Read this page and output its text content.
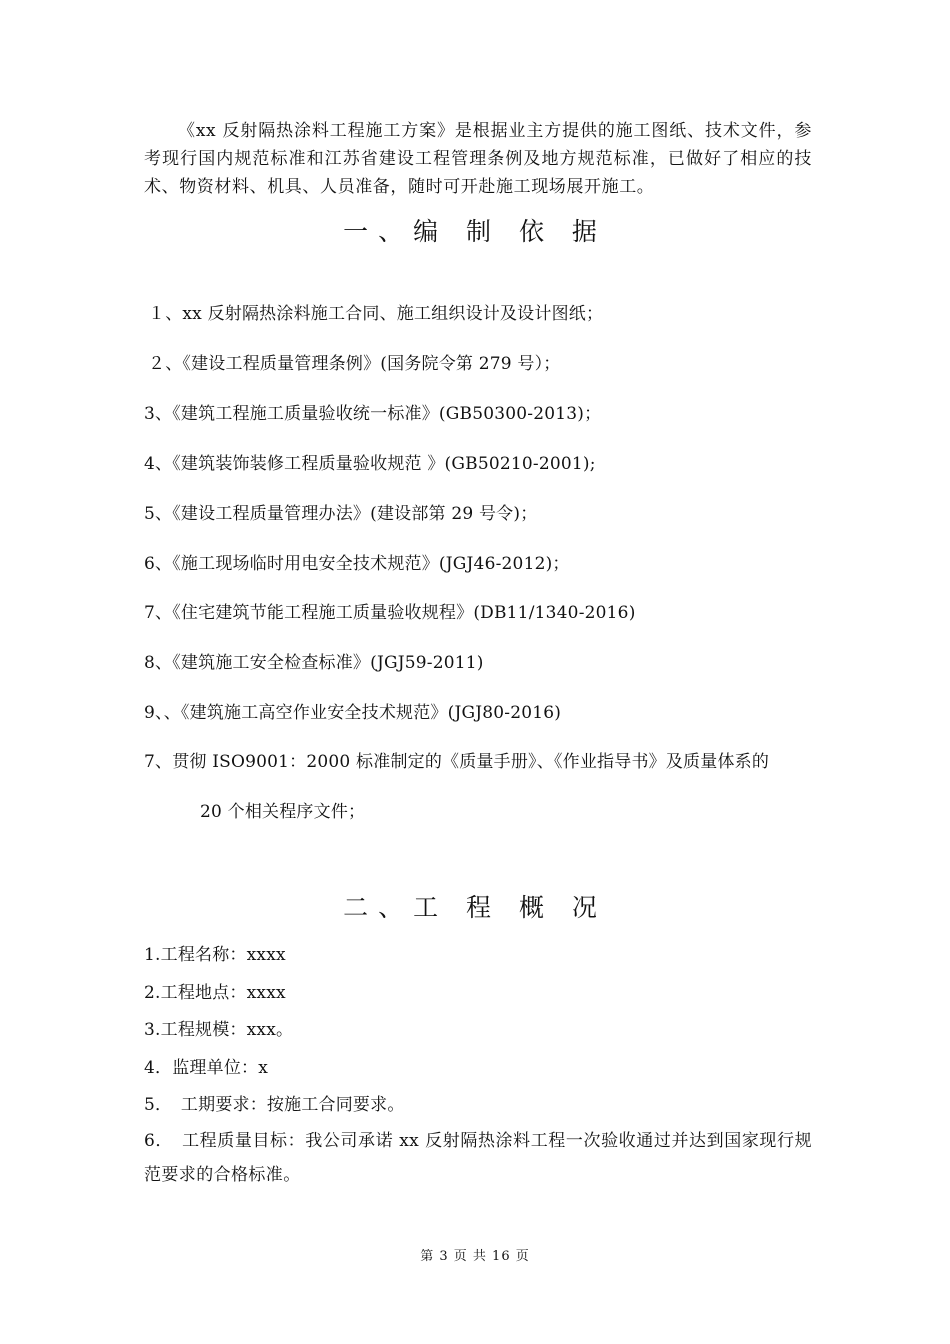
《xx 反射隔热涂料工程施工方案》是根据业主方提供的施工图纸、技术文件，参考现行国内规范标准和江苏省建设工程管理条例及地方规范标准，已做好了相应的技术、物资材料、机具、人员准备，随时可开赴施工现场展开施工。

一、编 制 依 据
１、xx 反射隔热涂料施工合同、施工组织设计及设计图纸；
２、《建设工程质量管理条例》(国务院令第 279 号）；
3、《建筑工程施工质量验收统一标准》(GB50300-2013)；
4、《建筑装饰装修工程质量验收规范 》(GB50210-2001);
5、《建设工程质量管理办法》(建设部第 29 号令)；
6、《施工现场临时用电安全技术规范》(JGJ46-2012)；
7、《住宅建筑节能工程施工质量验收规程》(DB11/1340-2016)
8、《建筑施工安全检查标准》(JGJ59-2011)
9、、《建筑施工高空作业安全技术规范》(JGJ80-2016)
7、贯彻 ISO9001：2000 标准制定的《质量手册》、《作业指导书》及质量体系的
20 个相关程序文件；
二、工 程 概 况
1.工程名称：xxxx
2.工程地点：xxxx
3.工程规模：xxx。
4．监理单位：x
5．　工期要求：按施工合同要求。

6．　工程质量目标：我公司承诺 xx 反射隔热涂料工程一次验收通过并达到国家现行规范要求的合格标准。

第 3 页 共 16 页
